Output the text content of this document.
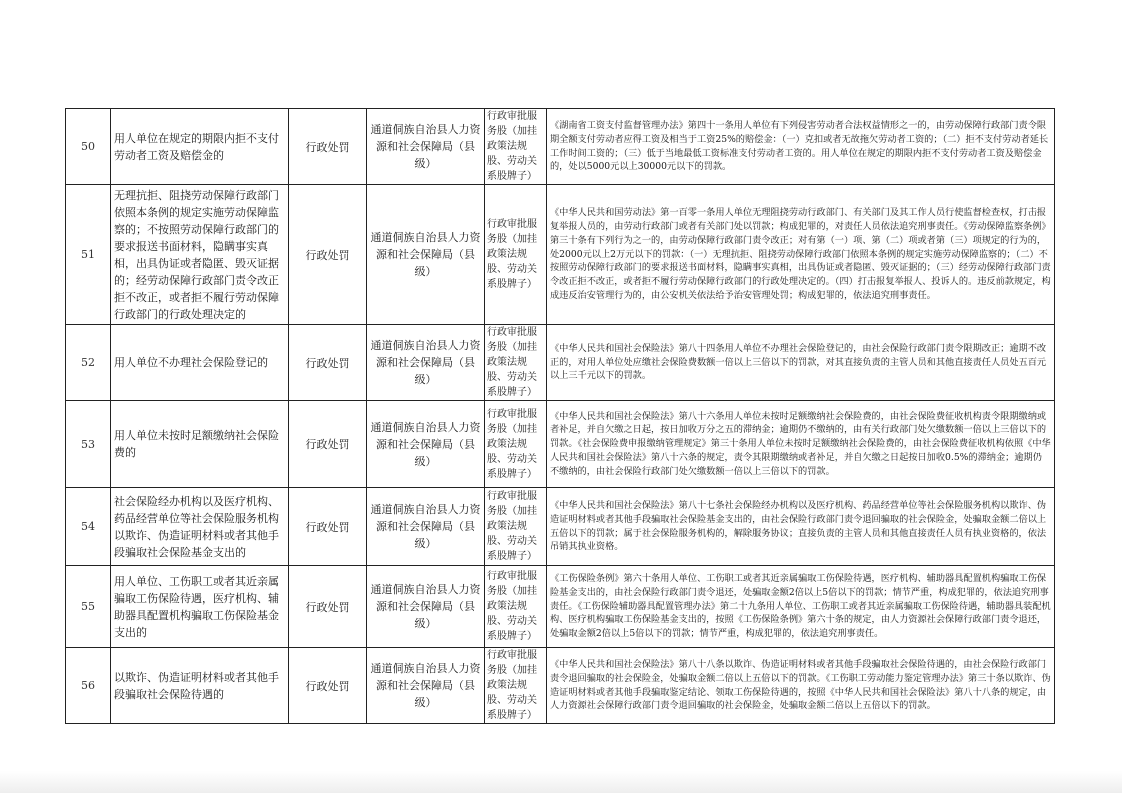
50	用人单位在规定的期限内拒不支付劳动者工资及赔偿金的	行政处罚	通道侗族自治县人力资源和社会保障局（县级）	行政审批服务股（加挂政策法规股、劳动关系股牌子）	《湖南省工资支付监督管理办法》第四十一条用人单位有下列侵害劳动者合法权益情形之一的，由劳动保障行政部门责令限期全额支付劳动者应得工资及相当于工资25%的赔偿金：（一）克扣或者无故拖欠劳动者工资的；（二）拒不支付劳动者延长工作时间工资的；（三）低于当地最低工资标准支付劳动者工资的。用人单位在规定的期限内拒不支付劳动者工资及赔偿金的，处以5000元以上30000元以下的罚款。

51	无理抗拒、阻挠劳动保障行政部门依照本条例的规定实施劳动保障监察的；不按照劳动保障行政部门的要求报送书面材料，隐瞒事实真相，出具伪证或者隐匿、毁灭证据的；经劳动保障行政部门责令改正拒不改正，或者拒不履行劳动保障行政部门的行政处理决定的	行政处罚	通道侗族自治县人力资源和社会保障局（县级）	行政审批服务股（加挂政策法规股、劳动关系股牌子）	《中华人民共和国劳动法》第一百零一条用人单位无理阻挠劳动行政部门、有关部门及其工作人员行使监督检查权，打击报复举报人员的，由劳动行政部门或者有关部门处以罚款；构成犯罪的，对责任人员依法追究刑事责任。《劳动保障监察条例》第三十条有下列行为之一的，由劳动保障行政部门责令改正；对有第（一）项、第（二）项或者第（三）项规定的行为的，处2000元以上2万元以下的罚款：（一）无理抗拒、阻挠劳动保障行政部门依照本条例的规定实施劳动保障监察的；（二）不按照劳动保障行政部门的要求报送书面材料，隐瞒事实真相，出具伪证或者隐匿、毁灭证据的；（三）经劳动保障行政部门责令改正拒不改正，或者拒不履行劳动保障行政部门的行政处理决定的。（四）打击报复举报人、投诉人的。违反前款规定，构成违反治安管理行为的，由公安机关依法给予治安管理处罚；构成犯罪的，依法追究刑事责任。

52	用人单位不办理社会保险登记的	行政处罚	通道侗族自治县人力资源和社会保障局（县级）	行政审批服务股（加挂政策法规股、劳动关系股牌子）	《中华人民共和国社会保险法》第八十四条用人单位不办理社会保险登记的，由社会保险行政部门责令限期改正；逾期不改正的，对用人单位处应缴社会保险费数额一倍以上三倍以下的罚款，对其直接负责的主管人员和其他直接责任人员处五百元以上三千元以下的罚款。

53	用人单位未按时足额缴纳社会保险费的	行政处罚	通道侗族自治县人力资源和社会保障局（县级）	行政审批服务股（加挂政策法规股、劳动关系股牌子）	《中华人民共和国社会保险法》第八十六条用人单位未按时足额缴纳社会保险费的，由社会保险费征收机构责令限期缴纳或者补足，并自欠缴之日起，按日加收万分之五的滞纳金；逾期仍不缴纳的，由有关行政部门处欠缴数额一倍以上三倍以下的罚款。《社会保险费申报缴纳管理规定》第三十条用人单位未按时足额缴纳社会保险费的，由社会保险费征收机构依照《中华人民共和国社会保险法》第八十六条的规定，责令其限期缴纳或者补足，并自欠缴之日起按日加收0.5%的滞纳金；逾期仍不缴纳的，由社会保险行政部门处欠缴数额一倍以上三倍以下的罚款。

54	社会保险经办机构以及医疗机构、药品经营单位等社会保险服务机构以欺诈、伪造证明材料或者其他手段骗取社会保险基金支出的	行政处罚	通道侗族自治县人力资源和社会保障局（县级）	行政审批服务股（加挂政策法规股、劳动关系股牌子）	《中华人民共和国社会保险法》第八十七条社会保险经办机构以及医疗机构、药品经营单位等社会保险服务机构以欺诈、伪造证明材料或者其他手段骗取社会保险基金支出的，由社会保险行政部门责令退回骗取的社会保险金，处骗取金额二倍以上五倍以下的罚款；属于社会保险服务机构的，解除服务协议；直接负责的主管人员和其他直接责任人员有执业资格的，依法吊销其执业资格。

55	用人单位、工伤职工或者其近亲属骗取工伤保险待遇，医疗机构、辅助器具配置机构骗取工伤保险基金支出的	行政处罚	通道侗族自治县人力资源和社会保障局（县级）	行政审批服务股（加挂政策法规股、劳动关系股牌子）	《工伤保险条例》第六十条用人单位、工伤职工或者其近亲属骗取工伤保险待遇，医疗机构、辅助器具配置机构骗取工伤保险基金支出的，由社会保险行政部门责令退还，处骗取金额2倍以上5倍以下的罚款；情节严重，构成犯罪的，依法追究刑事责任。《工伤保险辅助器具配置管理办法》第二十九条用人单位、工伤职工或者其近亲属骗取工伤保险待遇，辅助器具装配机构、医疗机构骗取工伤保险基金支出的，按照《工伤保险条例》第六十条的规定，由人力资源社会保障行政部门责令退还，处骗取金额2倍以上5倍以下的罚款；情节严重，构成犯罪的，依法追究刑事责任。

56	以欺诈、伪造证明材料或者其他手段骗取社会保险待遇的	行政处罚	通道侗族自治县人力资源和社会保障局（县级）	行政审批服务股（加挂政策法规股、劳动关系股牌子）	《中华人民共和国社会保险法》第八十八条以欺诈、伪造证明材料或者其他手段骗取社会保险待遇的，由社会保险行政部门责令退回骗取的社会保险金，处骗取金额二倍以上五倍以下的罚款。《工伤职工劳动能力鉴定管理办法》第三十条以欺诈、伪造证明材料或者其他手段骗取鉴定结论、领取工伤保险待遇的，按照《中华人民共和国社会保险法》第八十八条的规定，由人力资源社会保障行政部门责令退回骗取的社会保险金，处骗取金额二倍以上五倍以下的罚款。
